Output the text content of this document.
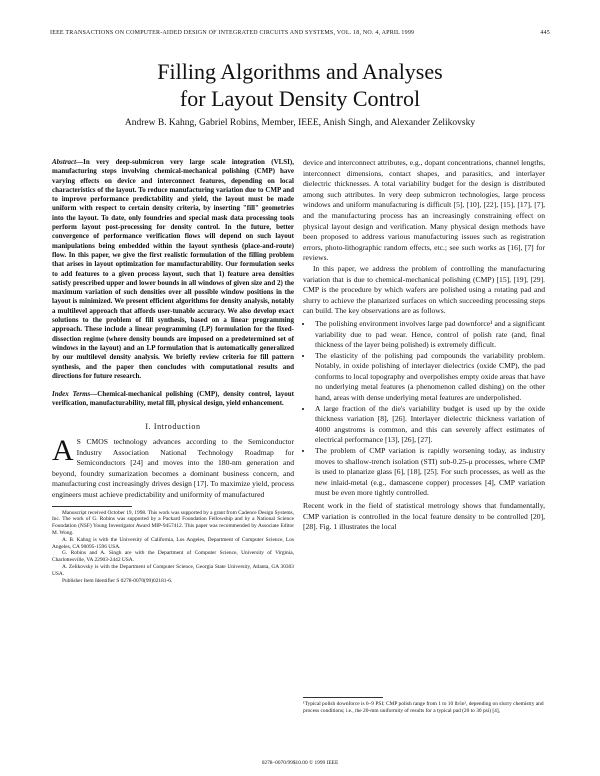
IEEE TRANSACTIONS ON COMPUTER-AIDED DESIGN OF INTEGRATED CIRCUITS AND SYSTEMS, VOL. 18, NO. 4, APRIL 1999	445
Filling Algorithms and Analyses
for Layout Density Control
Andrew B. Kahng, Gabriel Robins, Member, IEEE, Anish Singh, and Alexander Zelikovsky

Abstract—In very deep-submicron very large scale integration (VLSI), manufacturing steps involving chemical-mechanical polishing (CMP) have varying effects on device and interconnect features, depending on local characteristics of the layout. To reduce manufacturing variation due to CMP and to improve performance predictability and yield, the layout must be made uniform with respect to certain density criteria, by inserting "fill" geometries into the layout. To date, only foundries and special mask data processing tools perform layout post-processing for density control. In the future, better convergence of performance verification flows will depend on such layout manipulations being embedded within the layout synthesis (place-and-route) flow. In this paper, we give the first realistic formulation of the filling problem that arises in layout optimization for manufacturability. Our formulation seeks to add features to a given process layout, such that 1) feature area densities satisfy prescribed upper and lower bounds in all windows of given size and 2) the maximum variation of such densities over all possible window positions in the layout is minimized. We present efficient algorithms for density analysis, notably a multilevel approach that affords user-tunable accuracy. We also develop exact solutions to the problem of fill synthesis, based on a linear programming approach. These include a linear programming (LP) formulation for the fixed-dissection regime (where density bounds are imposed on a predetermined set of windows in the layout) and an LP formulation that is automatically generalized by our multilevel density analysis. We briefly review criteria for fill pattern synthesis, and the paper then concludes with computational results and directions for future research.

Index Terms—Chemical-mechanical polishing (CMP), density control, layout verification, manufacturability, metal fill, physical design, yield enhancement.

I. Introduction

A S CMOS technology advances according to the Semiconductor Industry Association National Technology Roadmap for Semiconductors [24] and moves into the 180-nm generation and beyond, foundry sumarization becomes a dominant business concern, and manufacturing cost increasingly drives design [17]. To maximize yield, process engineers must achieve predictability and uniformity of manufactured

Manuscript received October 19, 1998. This work was supported by a grant from Cadence Design Systems, Inc. The work of G. Robins was supported by a Packard Foundation Fellowship and by a National Science Foundation (NSF) Young Investigator Award MIP-9457412. This paper was recommended by Associate Editor M. Wong.

A. B. Kahng is with the University of California, Los Angeles, Department of Computer Science, Los Angeles, CA 90095-1596 USA.

G. Robins and A. Singh are with the Department of Computer Science, University of Virginia, Charlottesville, VA 22903-2442 USA.

A. Zelikovsky is with the Department of Computer Science, Georgia State University, Atlanta, GA 30303 USA.

Publisher Item Identifier S 0278-0070(99)02181-6.

device and interconnect attributes, e.g., dopant concentrations, channel lengths, interconnect dimensions, contact shapes, and parasitics, and interlayer dielectric thicknesses. A total variability budget for the design is distributed among such attributes. In very deep submicron technologies, large process windows and uniform manufacturing is difficult [5], [10], [22], [15], [17], [7], and the manufacturing process has an increasingly constraining effect on physical layout design and verification. Many physical design methods have been proposed to address various manufacturing issues such as registration errors, photo-lithographic random effects, etc.; see such works as [16], [7] for reviews.

In this paper, we address the problem of controlling the manufacturing variation that is due to chemical-mechanical polishing (CMP) [15], [19], [29]. CMP is the procedure by which wafers are polished using a rotating pad and slurry to achieve the planarized surfaces on which succeeding processing steps can build. The key observations are as follows.

• The polishing environment involves large pad downforce¹ and a significant variability due to pad wear. Hence, control of polish rate (and, final thickness of the layer being polished) is extremely difficult.
• The elasticity of the polishing pad compounds the variability problem. Notably, in oxide polishing of interlayer dielectrics (oxide CMP), the pad conforms to local topography and overpolishes empty oxide areas that have no underlying metal features (a phenomenon called dishing) on the other hand, areas with dense underlying metal features are underpolished.
• A large fraction of the die's variability budget is used up by the oxide thickness variation [8], [26]. Interlayer dielectric thickness variation of 4000 angstroms is common, and this can severely affect estimates of electrical performance [13], [26], [27].
• The problem of CMP variation is rapidly worsening today, as industry moves to shallow-trench isolation (STI) sub-0.25-μ processes, where CMP is used to planarize glass [6], [18], [25]. For such processes, as well as the new inlaid-metal (e.g., damascene copper) processes [4], CMP variation must be even more tightly controlled.

Recent work in the field of statistical metrology shows that fundamentally, CMP variation is controlled in the local feature density to be controlled [20], [28]. Fig. 1 illustrates the local

¹Typical polish downforce is 6–9 PSI; CMP polish range from 1 to 10 lb/in², depending on slurry chemistry and process conditions; i.e., the 20-mm uniformity of results for a typical pad (20 to 30 psi) [4],

0278–0070/99$10.00 © 1999 IEEE
